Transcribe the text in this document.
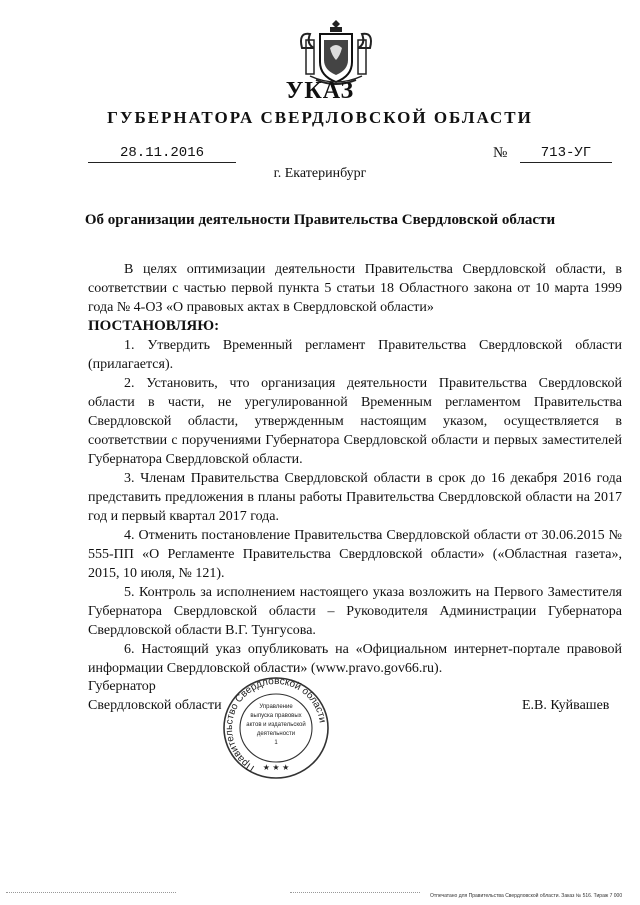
УКАЗ
ГУБЕРНАТОРА СВЕРДЛОВСКОЙ ОБЛАСТИ
28.11.2016	№	713-УГ
г. Екатеринбург
Об организации деятельности Правительства Свердловской области

В целях оптимизации деятельности Правительства Свердловской области, в соответствии с частью первой пункта 5 статьи 18 Областного закона от 10 марта 1999 года № 4-ОЗ «О правовых актах в Свердловской области»

ПОСТАНОВЛЯЮ:

1. Утвердить Временный регламент Правительства Свердловской области (прилагается).

2. Установить, что организация деятельности Правительства Свердловской области в части, не урегулированной Временным регламентом Правительства Свердловской области, утвержденным настоящим указом, осуществляется в соответствии с поручениями Губернатора Свердловской области и первых заместителей Губернатора Свердловской области.

3. Членам Правительства Свердловской области в срок до 16 декабря 2016 года представить предложения в планы работы Правительства Свердловской области на 2017 год и первый квартал 2017 года.

4. Отменить постановление Правительства Свердловской области от 30.06.2015 № 555-ПП «О Регламенте Правительства Свердловской области» («Областная газета», 2015, 10 июля, № 121).

5. Контроль за исполнением настоящего указа возложить на Первого Заместителя Губернатора Свердловской области – Руководителя Администрации Губернатора Свердловской области В.Г. Тунгусова.

6. Настоящий указ опубликовать на «Официальном интернет-портале правовой информации Свердловской области» (www.pravo.gov66.ru).

Губернатор
Свердловской области	Е.В. Куйвашев
Правительство Свердловской области
Управление
выпуска правовых
актов и издательской
деятельности
1
★ ★ ★
Отпечатано для Правительства Свердловской области. Заказ № 516. Тираж 7 000
